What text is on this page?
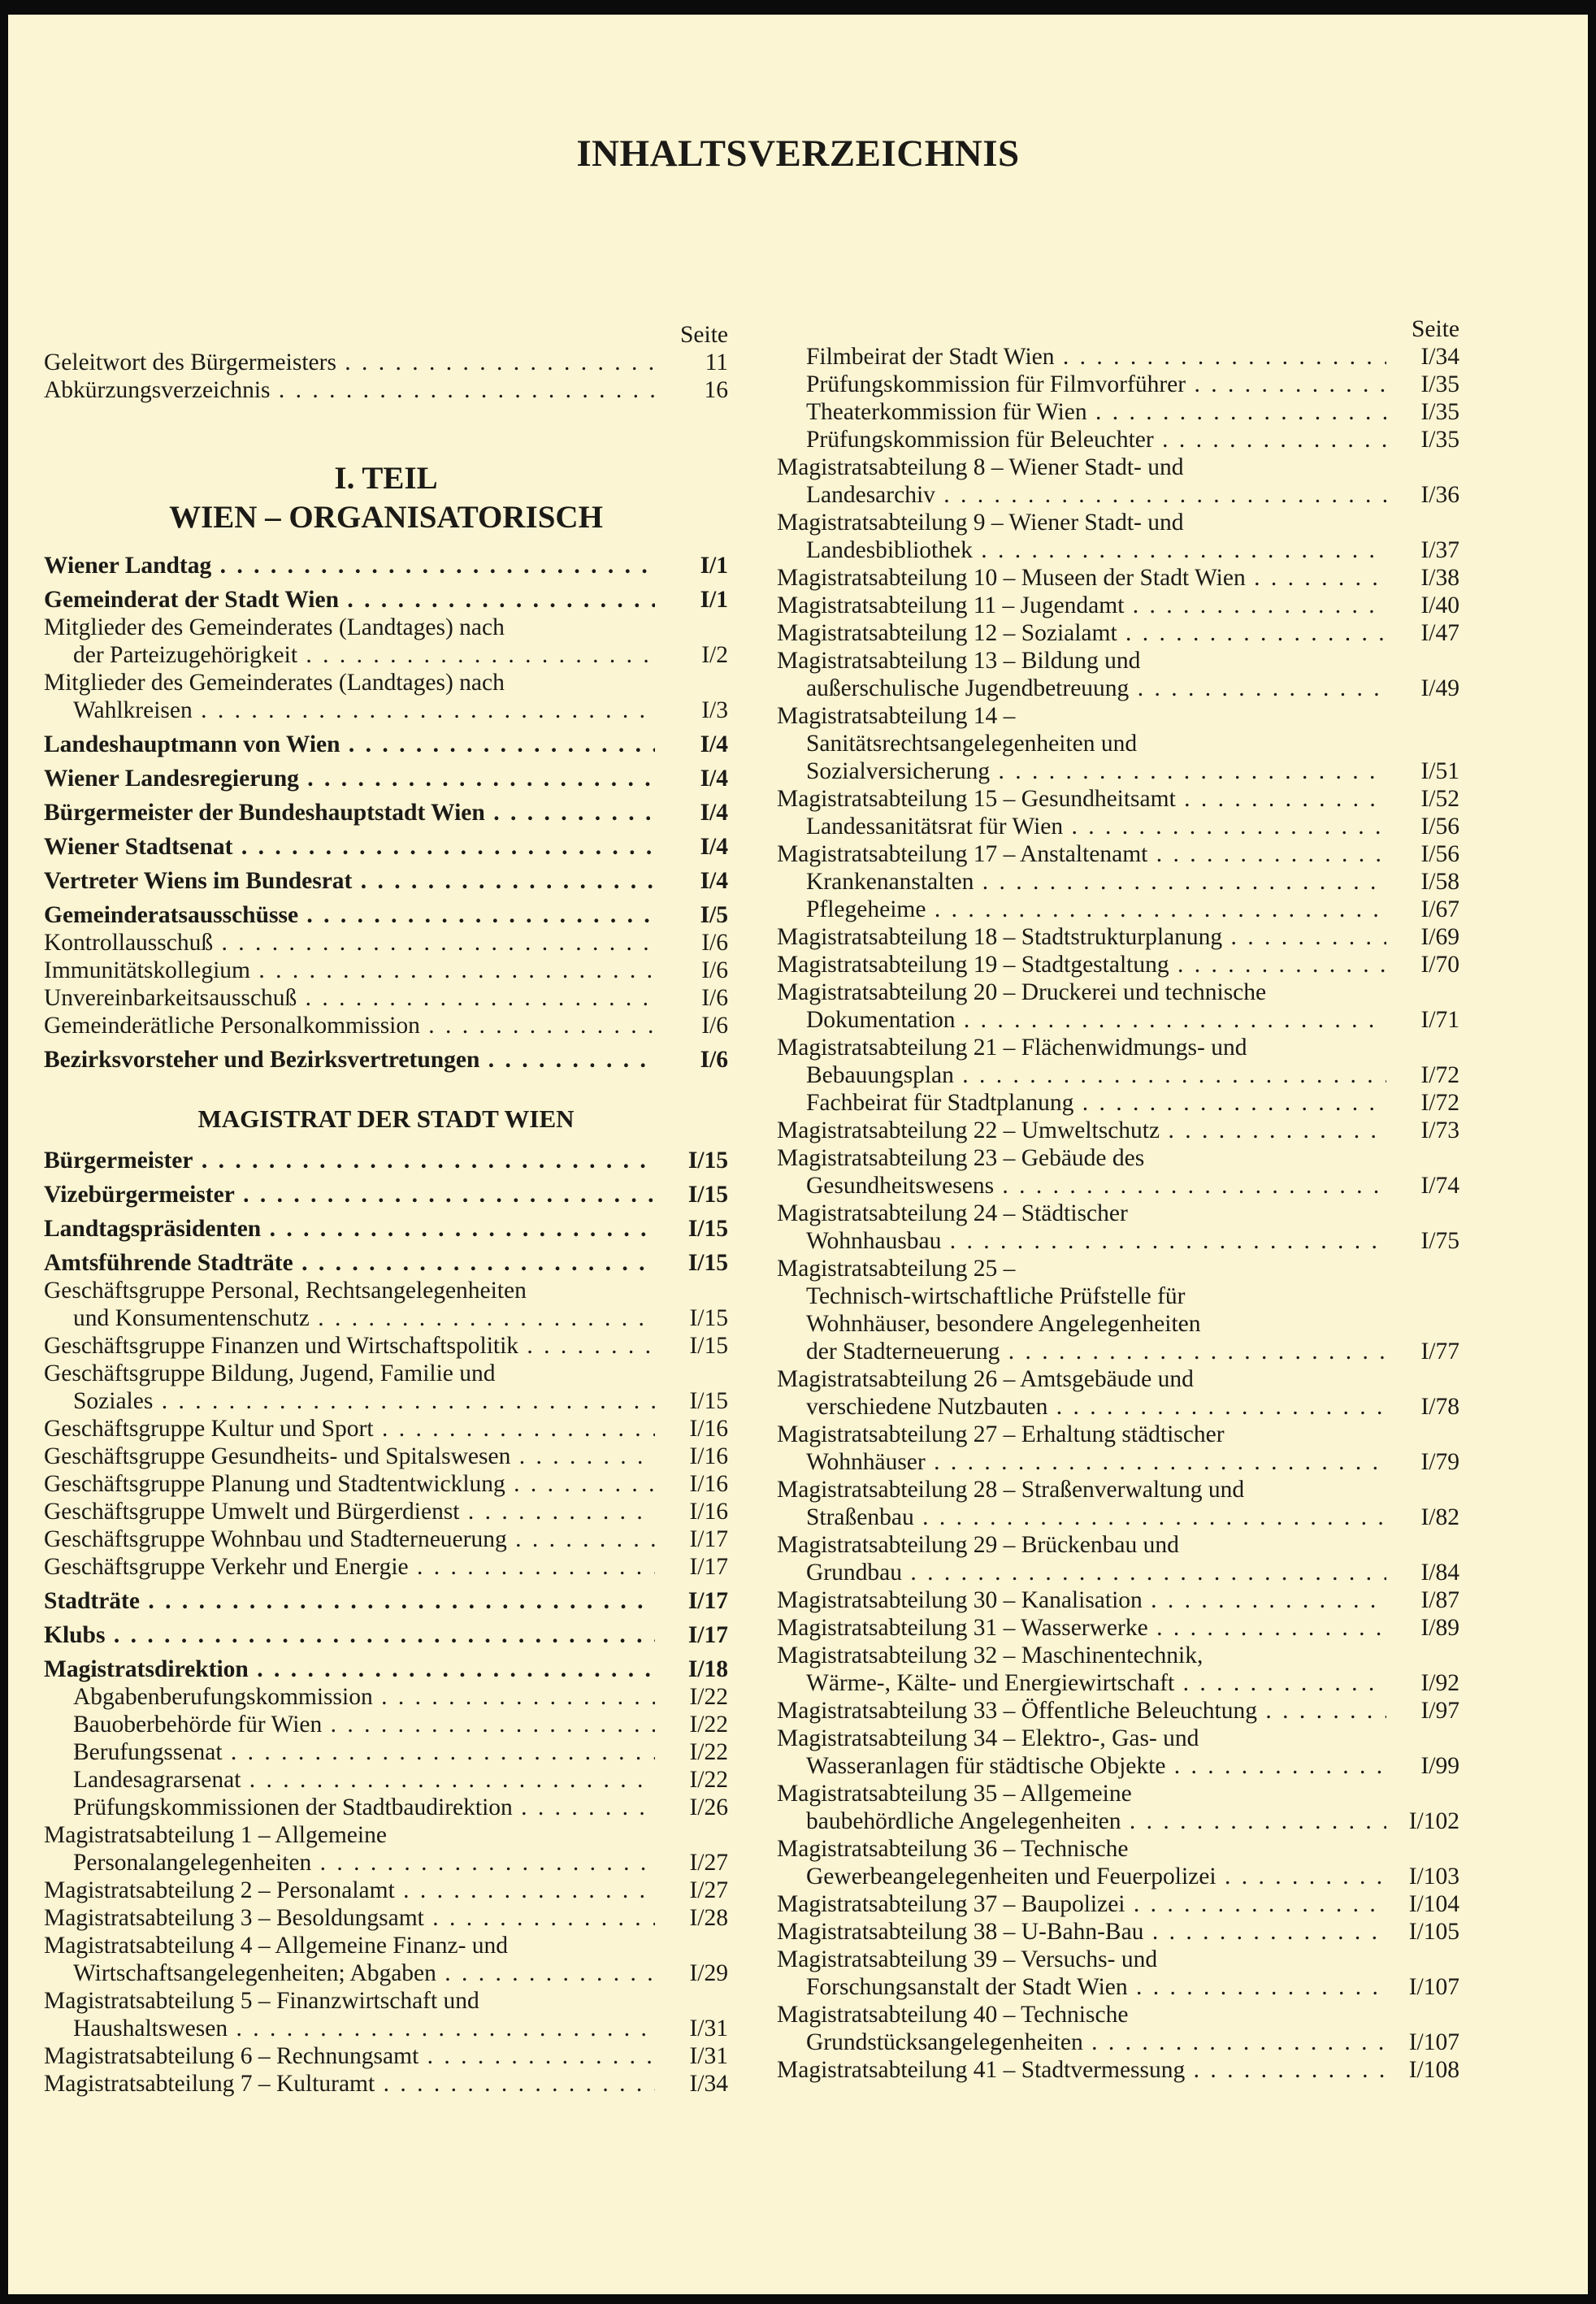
INHALTSVERZEICHNIS
Seite
Geleitwort des Bürgermeisters . . .	11
Abkürzungsverzeichnis . . .	16
I. TEIL
WIEN – ORGANISATORISCH
Wiener Landtag . . .	I/1
Gemeinderat der Stadt Wien . . .	I/1
Mitglieder des Gemeinderates (Landtages) nach
der Parteizugehörigkeit . . .	I/2
Mitglieder des Gemeinderates (Landtages) nach
Wahlkreisen . . .	I/3
Landeshauptmann von Wien . . .	I/4
Wiener Landesregierung . . .	I/4
Bürgermeister der Bundeshauptstadt Wien . . .	I/4
Wiener Stadtsenat . . .	I/4
Vertreter Wiens im Bundesrat . . .	I/4
Gemeinderatsausschüsse . . .	I/5
Kontrollausschuß . . .	I/6
Immunitätskollegium . . .	I/6
Unvereinbarkeitsausschuß . . .	I/6
Gemeinderätliche Personalkommission . . .	I/6
Bezirksvorsteher und Bezirksvertretungen . . .	I/6
MAGISTRAT DER STADT WIEN
Bürgermeister . . .	I/15
Vizebürgermeister . . .	I/15
Landtagspräsidenten . . .	I/15
Amtsführende Stadträte . . .	I/15
Geschäftsgruppe Personal, Rechtsangelegenheiten
und Konsumentenschutz . . .	I/15
Geschäftsgruppe Finanzen und Wirtschaftspolitik . . .	I/15
Geschäftsgruppe Bildung, Jugend, Familie und
Soziales . . .	I/15
Geschäftsgruppe Kultur und Sport . . .	I/16
Geschäftsgruppe Gesundheits- und Spitalswesen . . .	I/16
Geschäftsgruppe Planung und Stadtentwicklung . . .	I/16
Geschäftsgruppe Umwelt und Bürgerdienst . . .	I/16
Geschäftsgruppe Wohnbau und Stadterneuerung . . .	I/17
Geschäftsgruppe Verkehr und Energie . . .	I/17
Stadträte . . .	I/17
Klubs . . .	I/17
Magistratsdirektion . . .	I/18
Abgabenberufungskommission . . .	I/22
Bauoberbehörde für Wien . . .	I/22
Berufungssenat . . .	I/22
Landesagrarsenat . . .	I/22
Prüfungskommissionen der Stadtbaudirektion . . .	I/26
Magistratsabteilung 1 – Allgemeine
Personalangelegenheiten . . .	I/27
Magistratsabteilung 2 – Personalamt . . .	I/27
Magistratsabteilung 3 – Besoldungsamt . . .	I/28
Magistratsabteilung 4 – Allgemeine Finanz- und
Wirtschaftsangelegenheiten; Abgaben . . .	I/29
Magistratsabteilung 5 – Finanzwirtschaft und
Haushaltswesen . . .	I/31
Magistratsabteilung 6 – Rechnungsamt . . .	I/31
Magistratsabteilung 7 – Kulturamt . . .	I/34
Seite
Filmbeirat der Stadt Wien . . .	I/34
Prüfungskommission für Filmvorführer . . .	I/35
Theaterkommission für Wien . . .	I/35
Prüfungskommission für Beleuchter . . .	I/35
Magistratsabteilung 8 – Wiener Stadt- und
Landesarchiv . . .	I/36
Magistratsabteilung 9 – Wiener Stadt- und
Landesbibliothek . . .	I/37
Magistratsabteilung 10 – Museen der Stadt Wien . . .	I/38
Magistratsabteilung 11 – Jugendamt . . .	I/40
Magistratsabteilung 12 – Sozialamt . . .	I/47
Magistratsabteilung 13 – Bildung und
außerschulische Jugendbetreuung . . .	I/49
Magistratsabteilung 14 –
Sanitätsrechtsangelegenheiten und
Sozialversicherung . . .	I/51
Magistratsabteilung 15 – Gesundheitsamt . . .	I/52
Landessanitätsrat für Wien . . .	I/56
Magistratsabteilung 17 – Anstaltenamt . . .	I/56
Krankenanstalten . . .	I/58
Pflegeheime . . .	I/67
Magistratsabteilung 18 – Stadtstrukturplanung . . .	I/69
Magistratsabteilung 19 – Stadtgestaltung . . .	I/70
Magistratsabteilung 20 – Druckerei und technische
Dokumentation . . .	I/71
Magistratsabteilung 21 – Flächenwidmungs- und
Bebauungsplan . . .	I/72
Fachbeirat für Stadtplanung . . .	I/72
Magistratsabteilung 22 – Umweltschutz . . .	I/73
Magistratsabteilung 23 – Gebäude des
Gesundheitswesens . . .	I/74
Magistratsabteilung 24 – Städtischer
Wohnhausbau . . .	I/75
Magistratsabteilung 25 –
Technisch-wirtschaftliche Prüfstelle für
Wohnhäuser, besondere Angelegenheiten
der Stadterneuerung . . .	I/77
Magistratsabteilung 26 – Amtsgebäude und
verschiedene Nutzbauten . . .	I/78
Magistratsabteilung 27 – Erhaltung städtischer
Wohnhäuser . . .	I/79
Magistratsabteilung 28 – Straßenverwaltung und
Straßenbau . . .	I/82
Magistratsabteilung 29 – Brückenbau und
Grundbau . . .	I/84
Magistratsabteilung 30 – Kanalisation . . .	I/87
Magistratsabteilung 31 – Wasserwerke . . .	I/89
Magistratsabteilung 32 – Maschinentechnik,
Wärme-, Kälte- und Energiewirtschaft . . .	I/92
Magistratsabteilung 33 – Öffentliche Beleuchtung . . .	I/97
Magistratsabteilung 34 – Elektro-, Gas- und
Wasseranlagen für städtische Objekte . . .	I/99
Magistratsabteilung 35 – Allgemeine
baubehördliche Angelegenheiten . . .	I/102
Magistratsabteilung 36 – Technische
Gewerbeangelegenheiten und Feuerpolizei . . .	I/103
Magistratsabteilung 37 – Baupolizei . . .	I/104
Magistratsabteilung 38 – U-Bahn-Bau . . .	I/105
Magistratsabteilung 39 – Versuchs- und
Forschungsanstalt der Stadt Wien . . .	I/107
Magistratsabteilung 40 – Technische
Grundstücksangelegenheiten . . .	I/107
Magistratsabteilung 41 – Stadtvermessung . . .	I/108
